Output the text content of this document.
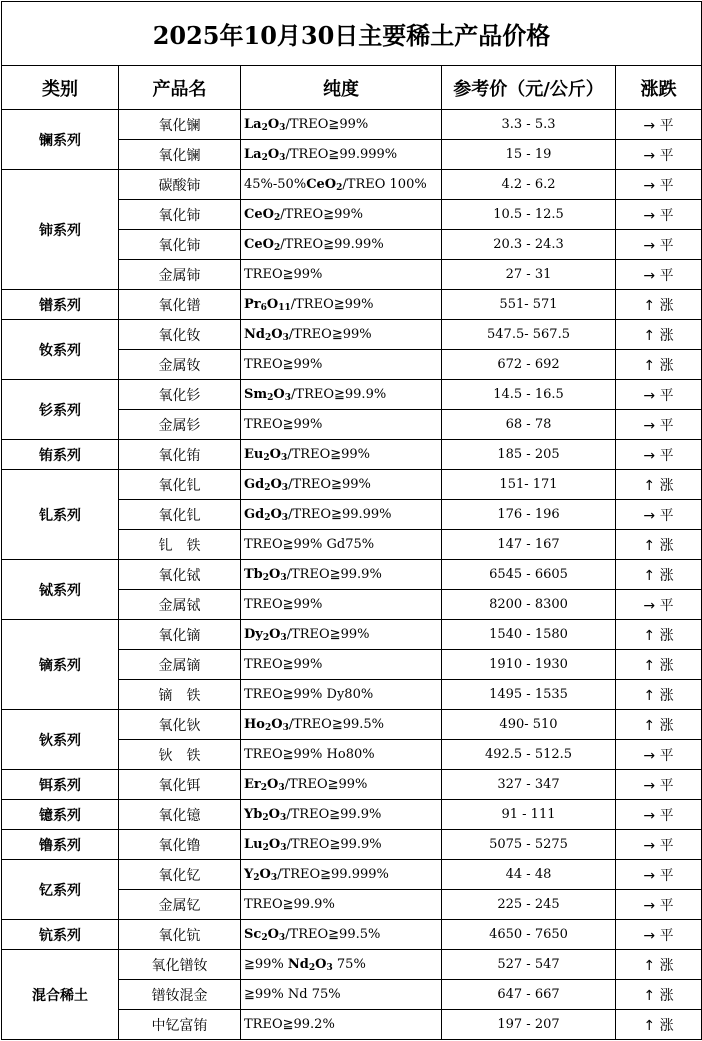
2025年10月30日主要稀土产品价格				
类别	产品名	纯度	参考价（元/公斤）	涨跌
镧系列	氧化镧	$La_2O_3/TREO≧99\%$	3.3 - 5.3	→ 平
	氧化镧	$La_2O_3/TREO≧99.999\%$	15 - 19	→ 平
铈系列	碳酸铈	45%-50%CeO$_2$/TREO 100%	4.2 - 6.2	→ 平
	氧化铈	CeO$_2$/TREO≧99%	10.5 - 12.5	→ 平
	氧化铈	CeO$_2$/TREO≧99.99%	20.3 - 24.3	→ 平
	金属铈	TREO≧99%	27 - 31	→ 平
镨系列	氧化镨	$Pr_6O_{11}/TREO≧99\%$	551- 571	↑ 涨
钕系列	氧化钕	$Nd_2O_3/TREO≧99\%$	547.5- 567.5	↑ 涨
	金属钕	TREO≧99%	672 - 692	↑ 涨
钐系列	氧化钐	$Sm_2O_3/TREO≧99.9\%$	14.5 - 16.5	→ 平
	金属钐	TREO≧99%	68 - 78	→ 平
铕系列	氧化铕	$Eu_2O_3/TREO≧99\%$	185 - 205	→ 平
钆系列	氧化钆	$Gd_2O_3/TREO≧99\%$	151- 171	↑ 涨
	氧化钆	$Gd_2O_3/TREO≧99.99\%$	176 - 196	→ 平
	钆　铁	TREO≧99% Gd75%	147 - 167	↑ 涨
铽系列	氧化铽	$Tb_2O_3/TREO≧99.9\%$	6545 - 6605	↑ 涨
	金属铽	TREO≧99%	8200 - 8300	→ 平
镝系列	氧化镝	$Dy_2O_3/TREO≧99\%$	1540 - 1580	↑ 涨
	金属镝	TREO≧99%	1910 - 1930	↑ 涨
	镝　铁	TREO≧99% Dy80%	1495 - 1535	↑ 涨
钬系列	氧化钬	$Ho_2O_3/TREO≧99.5\%$	490- 510	↑ 涨
	钬　铁	TREO≧99% Ho80%	492.5 - 512.5	→ 平
铒系列	氧化铒	$Er_2O_3/TREO≧99\%$	327 - 347	→ 平
镱系列	氧化镱	$Yb_2O_3/TREO≧99.9\%$	91 - 111	→ 平
镥系列	氧化镥	$Lu_2O_3/TREO≧99.9\%$	5075 - 5275	→ 平
钇系列	氧化钇	$Y_2O_3/TREO≧99.999\%$	44 - 48	→ 平
	金属钇	TREO≧99.9%	225 - 245	→ 平
钪系列	氧化钪	$Sc_2O_3/TREO≧99.5\%$	4650 - 7650	→ 平
混合稀土	氧化镨钕	≧99% $Nd_2O_3$ 75%	527 - 547	↑ 涨
	镨钕混金	≧99% Nd 75%	647 - 667	↑ 涨
	中钇富铕	TREO≧99.2%	197 - 207	↑ 涨
